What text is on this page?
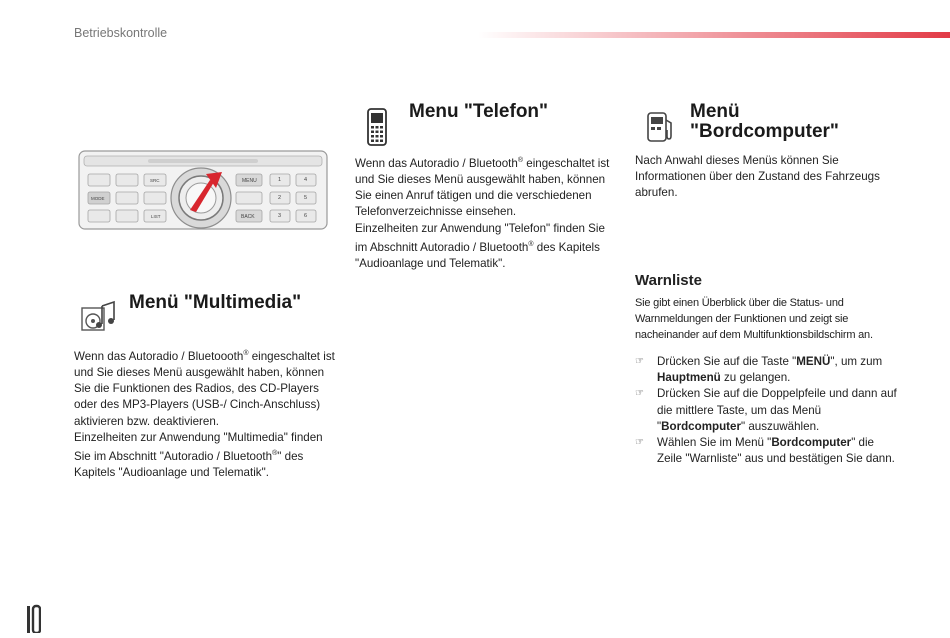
Betriebskontrolle
MENU
BACK
MODE
SRC
LIST
1	4
2	5
3	6
Menü "Multimedia"

Wenn das Autoradio / Bluetoooth® eingeschaltet ist und Sie dieses Menü ausgewählt haben, können Sie die Funktionen des Radios, des CD-Players oder des MP3-Players (USB-/ Cinch-Anschluss) aktivieren bzw. deaktivieren.

Einzelheiten zur Anwendung "Multimedia" finden Sie im Abschnitt "Autoradio / Bluetooth®" des Kapitels "Audioanlage und Telematik".

Menu "Telefon"

Wenn das Autoradio / Bluetooth® eingeschaltet ist und Sie dieses Menü ausgewählt haben, können Sie einen Anruf tätigen und die verschiedenen Telefonverzeichnisse einsehen.

Einzelheiten zur Anwendung "Telefon" finden Sie im Abschnitt Autoradio / Bluetooth® des Kapitels "Audioanlage und Telematik".

Menü
"Bordcomputer"
Nach Anwahl dieses Menüs können Sie Informationen über den Zustand des Fahrzeugs abrufen.
Warnliste
Sie gibt einen Überblick über die Status- und Warnmeldungen der Funktionen und zeigt sie nacheinander auf dem Multifunktionsbildschirm an.
☞ Drücken Sie auf die Taste "MENÜ", um zum Hauptmenü zu gelangen.
☞ Drücken Sie auf die Doppelpfeile und dann auf die mittlere Taste, um das Menü "Bordcomputer" auszuwählen.
☞ Wählen Sie im Menü "Bordcomputer" die Zeile "Warnliste" aus und bestätigen Sie dann.
